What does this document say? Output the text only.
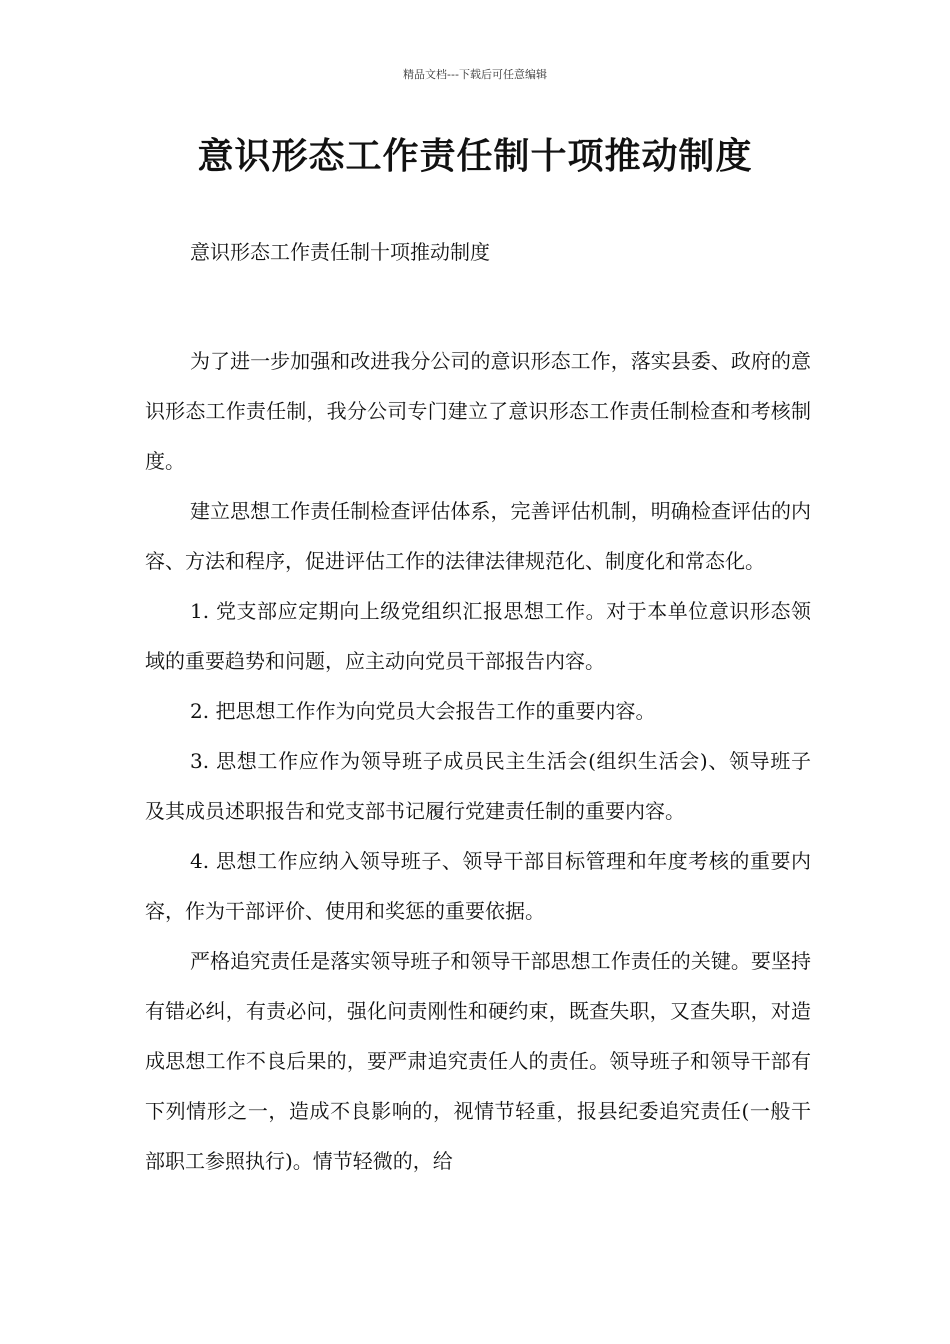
精品文档---下载后可任意编辑
意识形态工作责任制十项推动制度
意识形态工作责任制十项推动制度

为了进一步加强和改进我分公司的意识形态工作，落实县委、政府的意识形态工作责任制，我分公司专门建立了意识形态工作责任制检查和考核制度。

建立思想工作责任制检查评估体系，完善评估机制，明确检查评估的内容、方法和程序，促进评估工作的法律法律规范化、制度化和常态化。

1. 党支部应定期向上级党组织汇报思想工作。对于本单位意识形态领域的重要趋势和问题，应主动向党员干部报告内容。

2. 把思想工作作为向党员大会报告工作的重要内容。

3. 思想工作应作为领导班子成员民主生活会(组织生活会)、领导班子及其成员述职报告和党支部书记履行党建责任制的重要内容。

4. 思想工作应纳入领导班子、领导干部目标管理和年度考核的重要内容，作为干部评价、使用和奖惩的重要依据。

严格追究责任是落实领导班子和领导干部思想工作责任的关键。要坚持有错必纠，有责必问，强化问责刚性和硬约束，既查失职，又查失职，对造成思想工作不良后果的，要严肃追究责任人的责任。领导班子和领导干部有下列情形之一，造成不良影响的，视情节轻重，报县纪委追究责任(一般干部职工参照执行)。情节轻微的，给
